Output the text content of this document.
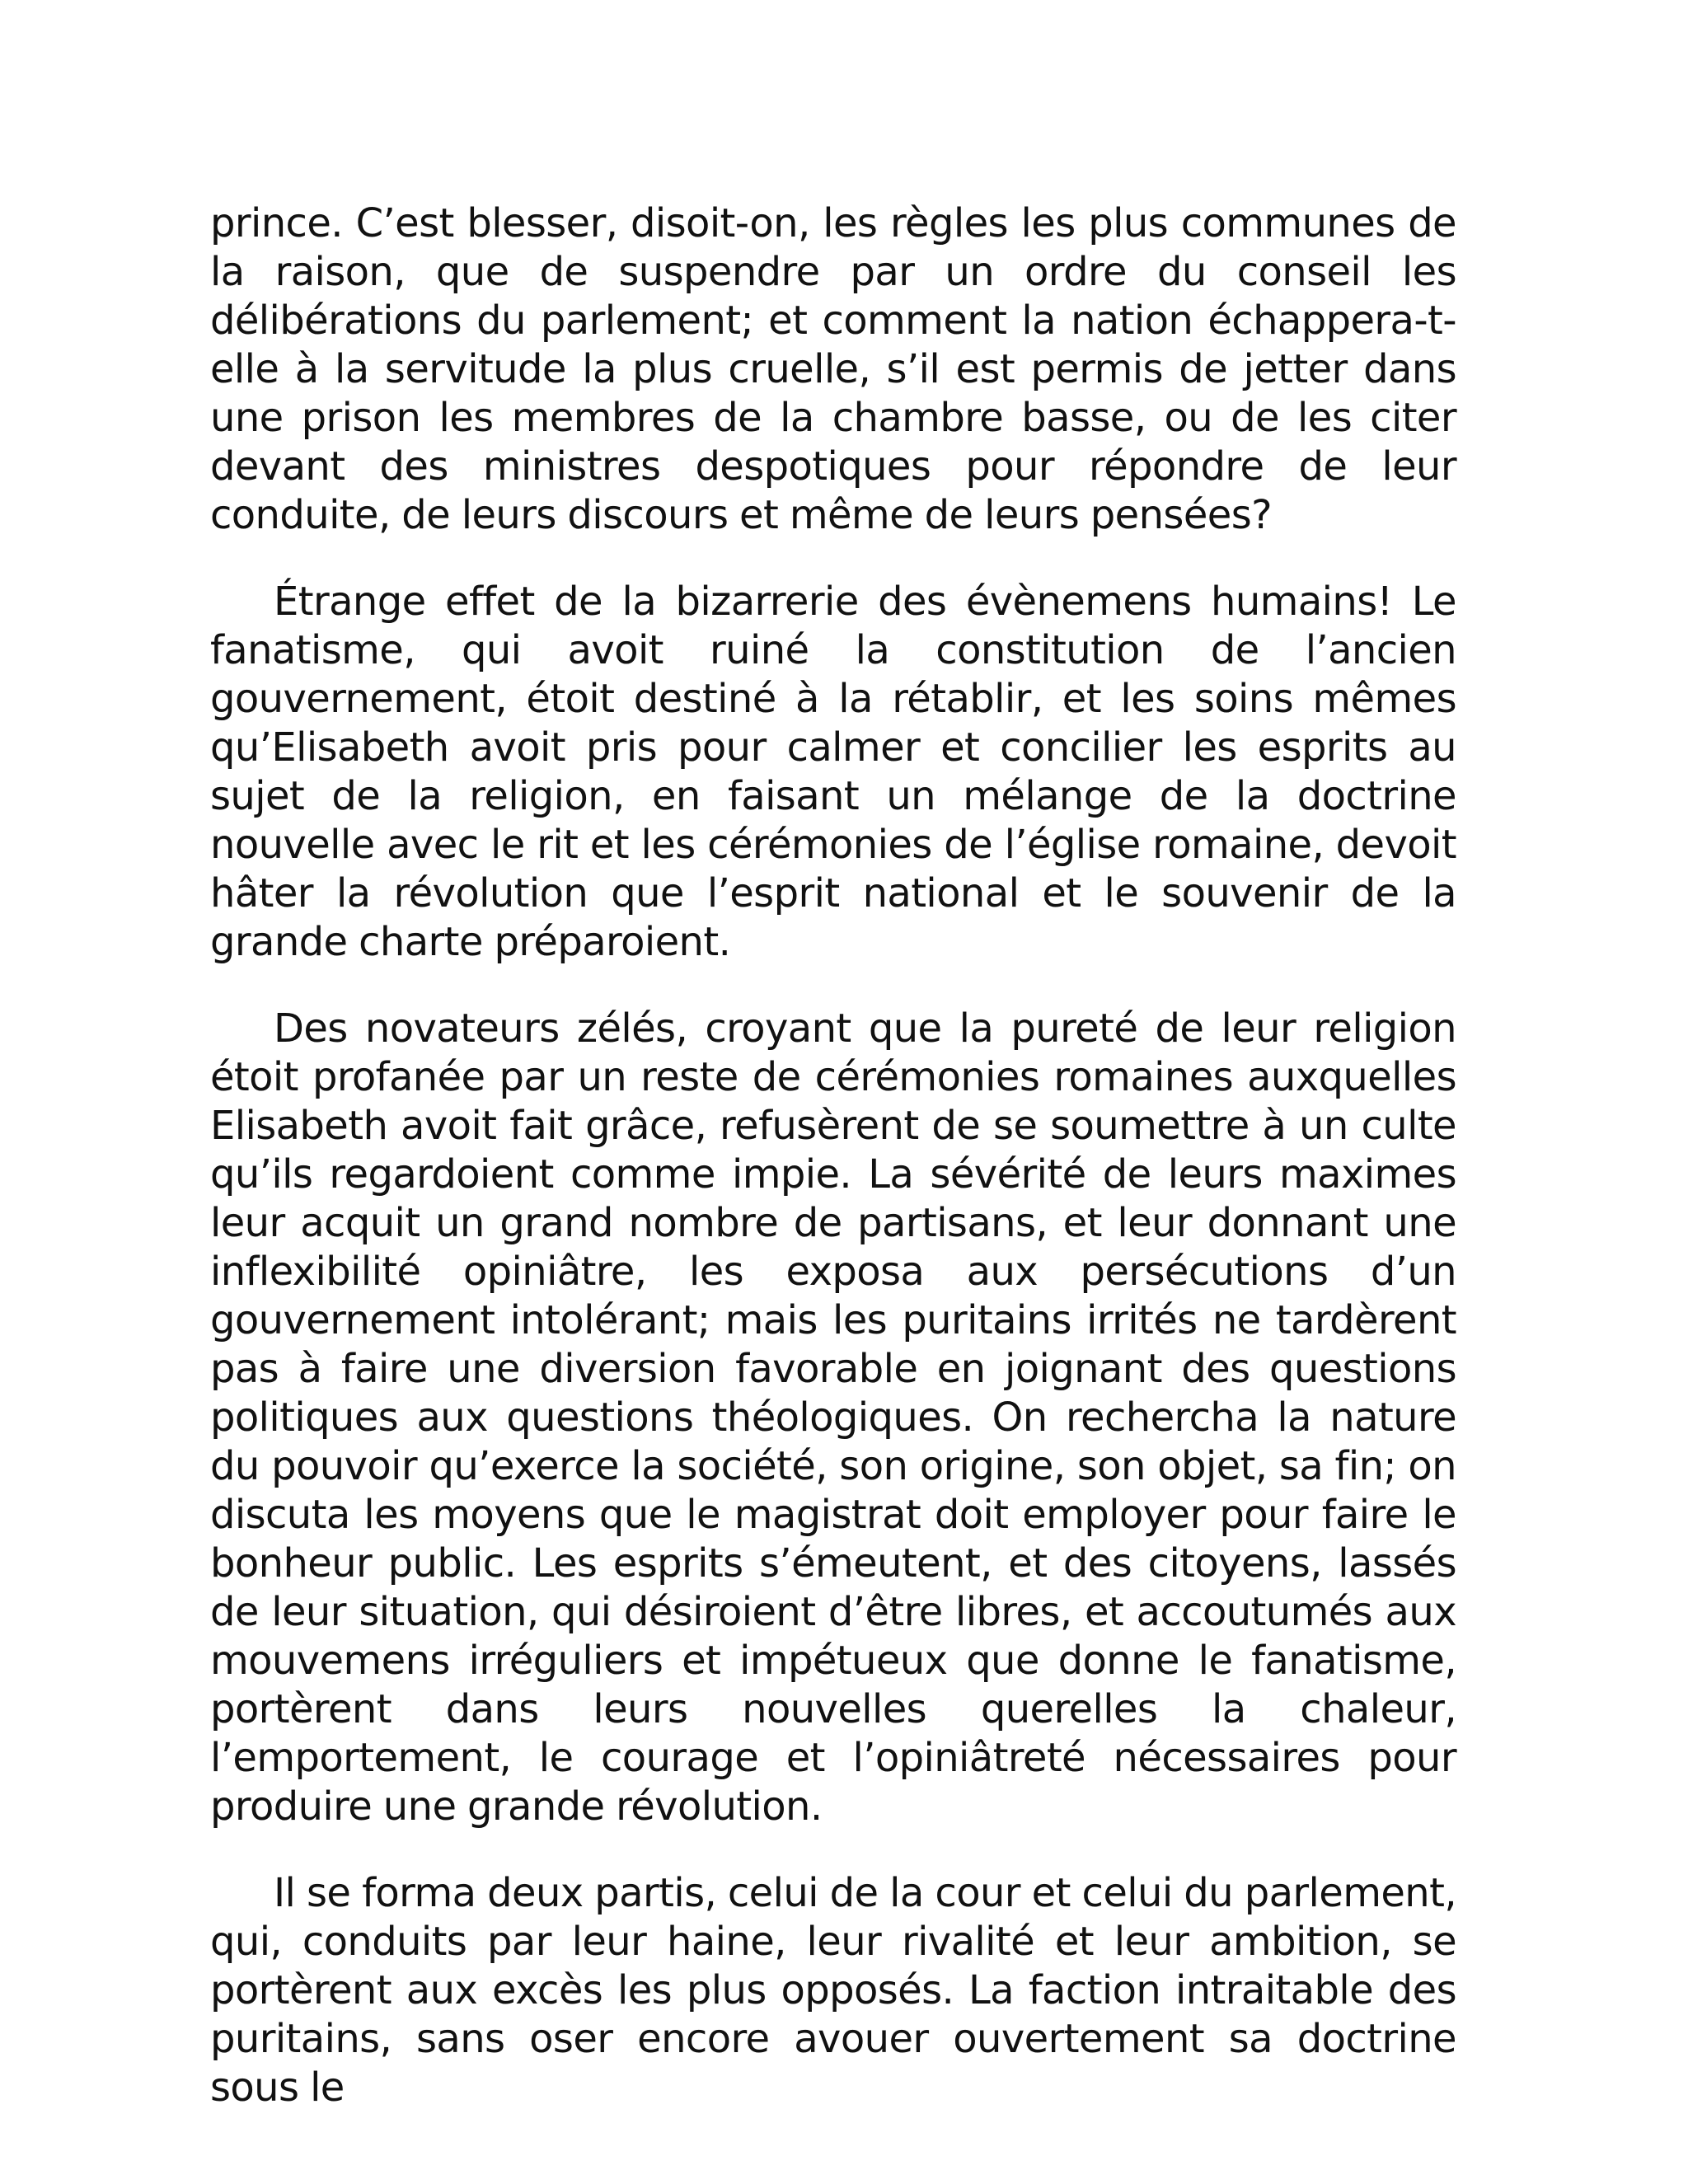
prince. C’est blesser, disoit-on, les règles les plus communes de la raison, que de suspendre par un ordre du conseil les délibérations du parlement; et comment la nation échappera-t-elle à la servitude la plus cruelle, s’il est permis de jetter dans une prison les membres de la chambre basse, ou de les citer devant des ministres despotiques pour répondre de leur conduite, de leurs discours et même de leurs pensées?

Étrange effet de la bizarrerie des évènemens humains! Le fanatisme, qui avoit ruiné la constitution de l’ancien gouvernement, étoit destiné à la rétablir, et les soins mêmes qu’Elisabeth avoit pris pour calmer et concilier les esprits au sujet de la religion, en faisant un mélange de la doctrine nouvelle avec le rit et les cérémonies de l’église romaine, devoit hâter la révolution que l’esprit national et le souvenir de la grande charte préparoient.

Des novateurs zélés, croyant que la pureté de leur religion étoit profanée par un reste de cérémonies romaines auxquelles Elisabeth avoit fait grâce, refusèrent de se soumettre à un culte qu’ils regardoient comme impie. La sévérité de leurs maximes leur acquit un grand nombre de partisans, et leur donnant une inflexibilité opiniâtre, les exposa aux persécutions d’un gouvernement intolérant; mais les puritains irrités ne tardèrent pas à faire une diversion favorable en joignant des questions politiques aux questions théologiques. On rechercha la nature du pouvoir qu’exerce la société, son origine, son objet, sa fin; on discuta les moyens que le magistrat doit employer pour faire le bonheur public. Les esprits s’émeutent, et des citoyens, lassés de leur situation, qui désiroient d’être libres, et accoutumés aux mouvemens irréguliers et impétueux que donne le fanatisme, portèrent dans leurs nouvelles querelles la chaleur, l’emportement, le courage et l’opiniâtreté nécessaires pour produire une grande révolution.

Il se forma deux partis, celui de la cour et celui du parlement, qui, conduits par leur haine, leur rivalité et leur ambition, se portèrent aux excès les plus opposés. La faction intraitable des puritains, sans oser encore avouer ouvertement sa doctrine sous le
